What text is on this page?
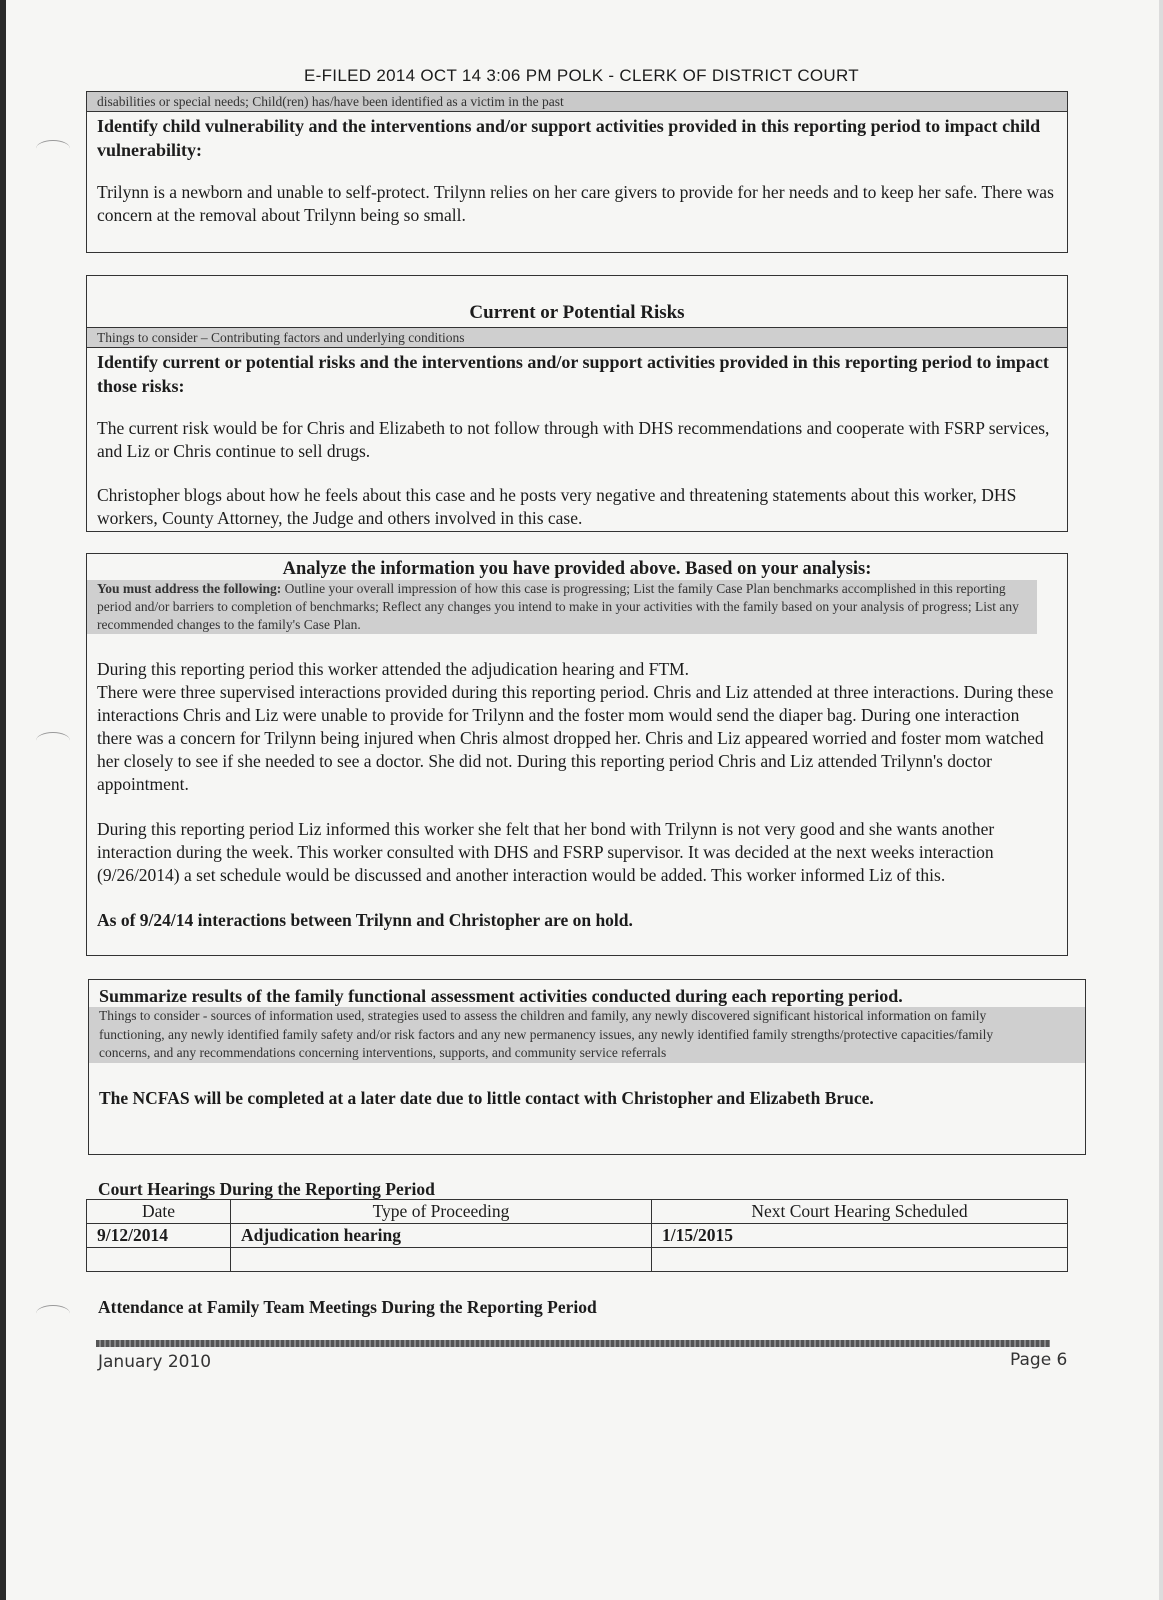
E-FILED 2014 OCT 14 3:06 PM POLK - CLERK OF DISTRICT COURT
disabilities or special needs; Child(ren) has/have been identified as a victim in the past
Identify child vulnerability and the interventions and/or support activities provided in this reporting period to impact child vulnerability:

Trilynn is a newborn and unable to self-protect. Trilynn relies on her care givers to provide for her needs and to keep her safe. There was concern at the removal about Trilynn being so small.

Current or Potential Risks
Things to consider – Contributing factors and underlying conditions
Identify current or potential risks and the interventions and/or support activities provided in this reporting period to impact those risks:

The current risk would be for Chris and Elizabeth to not follow through with DHS recommendations and cooperate with FSRP services, and Liz or Chris continue to sell drugs.

Christopher blogs about how he feels about this case and he posts very negative and threatening statements about this worker, DHS workers, County Attorney, the Judge and others involved in this case.

Analyze the information you have provided above. Based on your analysis:
You must address the following: Outline your overall impression of how this case is progressing; List the family Case Plan benchmarks accomplished in this reporting period and/or barriers to completion of benchmarks; Reflect any changes you intend to make in your activities with the family based on your analysis of progress; List any recommended changes to the family's Case Plan.

During this reporting period this worker attended the adjudication hearing and FTM.

There were three supervised interactions provided during this reporting period. Chris and Liz attended at three interactions. During these interactions Chris and Liz were unable to provide for Trilynn and the foster mom would send the diaper bag. During one interaction there was a concern for Trilynn being injured when Chris almost dropped her. Chris and Liz appeared worried and foster mom watched her closely to see if she needed to see a doctor. She did not. During this reporting period Chris and Liz attended Trilynn's doctor appointment.

During this reporting period Liz informed this worker she felt that her bond with Trilynn is not very good and she wants another interaction during the week. This worker consulted with DHS and FSRP supervisor. It was decided at the next weeks interaction (9/26/2014) a set schedule would be discussed and another interaction would be added. This worker informed Liz of this.

As of 9/24/14 interactions between Trilynn and Christopher are on hold.

Summarize results of the family functional assessment activities conducted during each reporting period.
Things to consider - sources of information used, strategies used to assess the children and family, any newly discovered significant historical information on family functioning, any newly identified family safety and/or risk factors and any new permanency issues, any newly identified family strengths/protective capacities/family concerns, and any recommendations concerning interventions, supports, and community service referrals

The NCFAS will be completed at a later date due to little contact with Christopher and Elizabeth Bruce.

Court Hearings During the Reporting Period
Date	Type of Proceeding	Next Court Hearing Scheduled
9/12/2014	Adjudication hearing	1/15/2015

Attendance at Family Team Meetings During the Reporting Period
January 2010	Page 6
